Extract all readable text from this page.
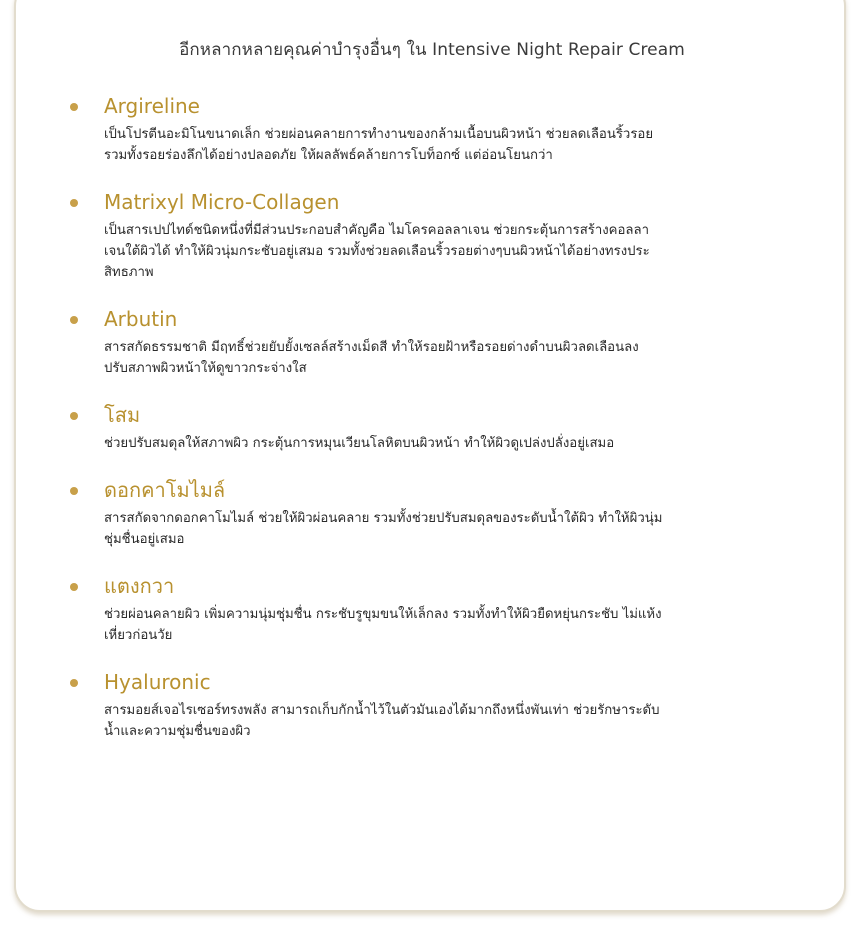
อีกหลากหลายคุณค่าบำรุงอื่นๆ ใน Intensive Night Repair Cream
Argireline
เป็นโปรตีนอะมิโนขนาดเล็ก ช่วยผ่อนคลายการทำงานของกล้ามเนื้อบนผิวหน้า ช่วยลดเลือนริ้วรอย
รวมทั้งรอยร่องลึกได้อย่างปลอดภัย ให้ผลลัพธ์คล้ายการโบท็อกซ์ แต่อ่อนโยนกว่า
Matrixyl Micro-Collagen
เป็นสารเปปไทด์ชนิดหนึ่งที่มีส่วนประกอบสำคัญคือ ไมโครคอลลาเจน ช่วยกระตุ้นการสร้างคอลลา
เจนใต้ผิวได้ ทำให้ผิวนุ่มกระชับอยู่เสมอ รวมทั้งช่วยลดเลือนริ้วรอยต่างๆบนผิวหน้าได้อย่างทรงประ
สิทธภาพ
Arbutin
สารสกัดธรรมชาติ มีฤทธิ์ช่วยยับยั้งเซลล์สร้างเม็ดสี ทำให้รอยฝ้าหรือรอยด่างดำบนผิวลดเลือนลง
ปรับสภาพผิวหน้าให้ดูขาวกระจ่างใส
โสม
ช่วยปรับสมดุลให้สภาพผิว กระตุ้นการหมุนเวียนโลหิตบนผิวหน้า ทำให้ผิวดูเปล่งปลั่งอยู่เสมอ
ดอกคาโมไมล์
สารสกัดจากดอกคาโมไมล์ ช่วยให้ผิวผ่อนคลาย รวมทั้งช่วยปรับสมดุลของระดับน้ำใต้ผิว ทำให้ผิวนุ่ม
ชุ่มชื่นอยู่เสมอ
แตงกวา
ช่วยผ่อนคลายผิว เพิ่มความนุ่มชุ่มชื่น กระชับรูขุมขนให้เล็กลง รวมทั้งทำให้ผิวยืดหยุ่นกระชับ ไม่แห้ง
เหี่ยวก่อนวัย
Hyaluronic
สารมอยส์เจอไรเซอร์ทรงพลัง สามารถเก็บกักน้ำไว้ในตัวมันเองได้มากถึงหนึ่งพันเท่า ช่วยรักษาระดับ
น้ำและความชุ่มชื่นของผิว
